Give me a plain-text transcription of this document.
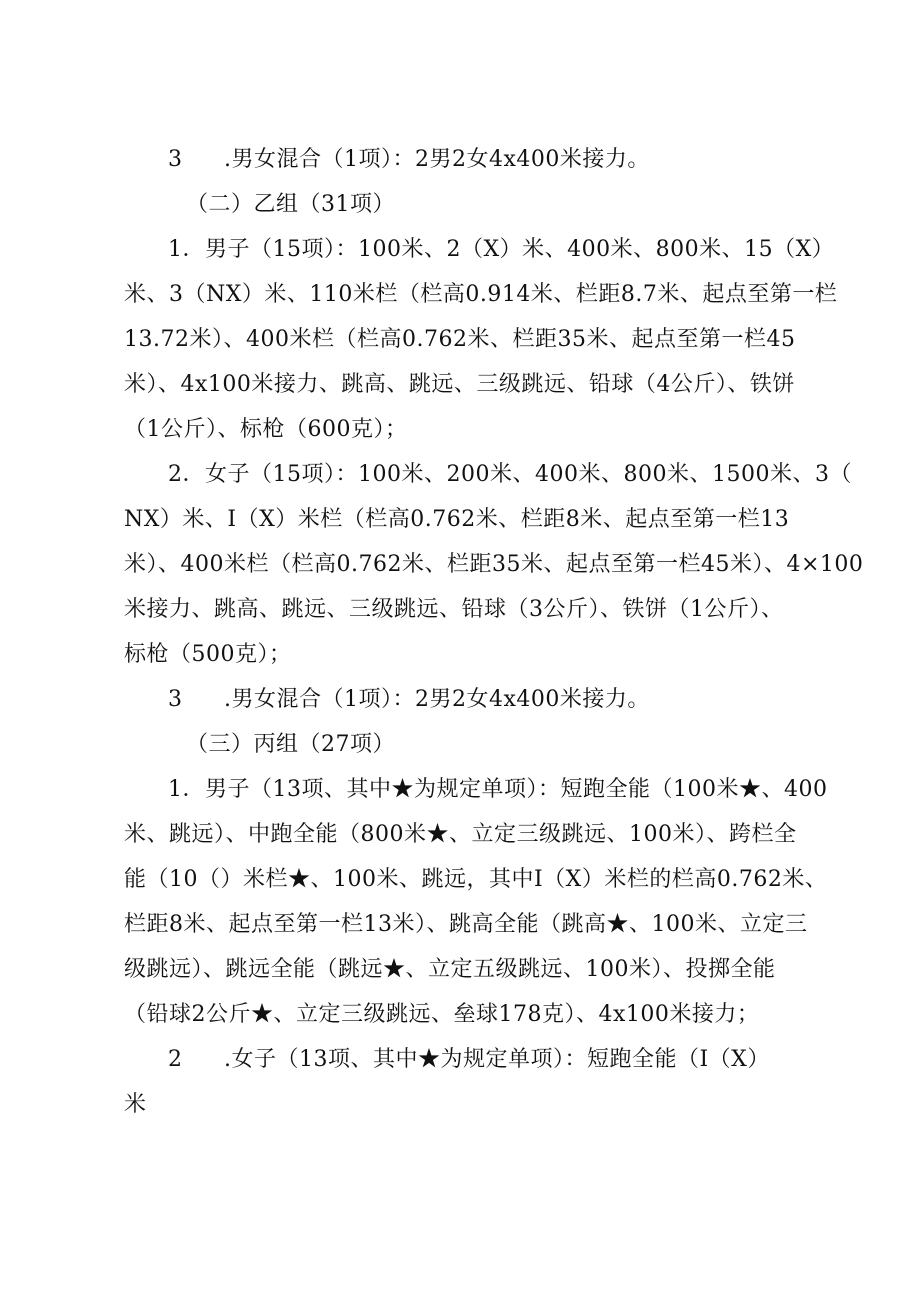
3 .男女混合（1项）：2男2女4x400米接力。
（二）乙组（31项）
1．男子（15项）：100米、2（X）米、400米、800米、15（X）
米、3（NX）米、110米栏（栏高0.914米、栏距8.7米、起点至第一栏
13.72米）、400米栏（栏高0.762米、栏距35米、起点至第一栏45
米）、4x100米接力、跳高、跳远、三级跳远、铅球（4公斤）、铁饼
（1公斤）、标枪（600克）；
2．女子（15项）：100米、200米、400米、800米、1500米、3（
NX）米、I（X）米栏（栏高0.762米、栏距8米、起点至第一栏13
米）、400米栏（栏高0.762米、栏距35米、起点至第一栏45米）、4×100
米接力、跳高、跳远、三级跳远、铅球（3公斤）、铁饼（1公斤）、
标枪（500克）；
3 .男女混合（1项）：2男2女4x400米接力。
（三）丙组（27项）
1．男子（13项、其中★为规定单项）：短跑全能（100米★、400
米、跳远）、中跑全能（800米★、立定三级跳远、100米）、跨栏全
能（10（）米栏★、100米、跳远，其中I（X）米栏的栏高0.762米、
栏距8米、起点至第一栏13米）、跳高全能（跳高★、100米、立定三
级跳远）、跳远全能（跳远★、立定五级跳远、100米）、投掷全能
（铅球2公斤★、立定三级跳远、垒球178克）、4x100米接力；
2 .女子（13项、其中★为规定单项）：短跑全能（I（X）
米
